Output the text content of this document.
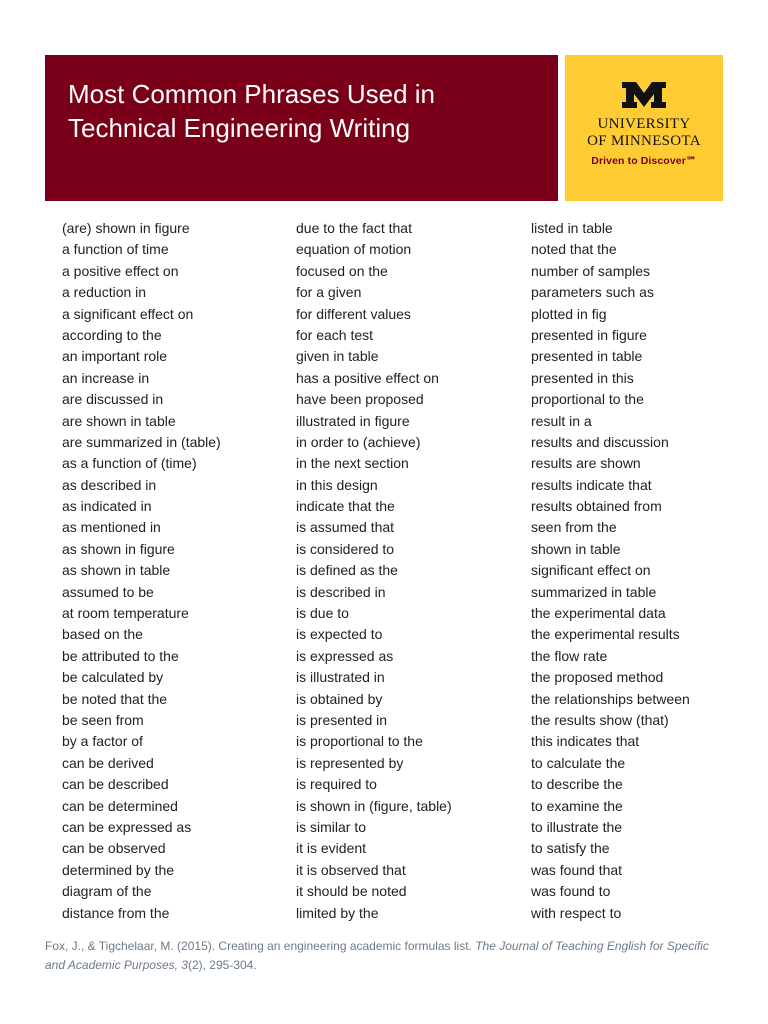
Most Common Phrases Used in
Technical Engineering Writing	UNIVERSITY
OF MINNESOTA
Driven to Discover℠
(are) shown in figure
a function of time
a positive effect on
a reduction in
a significant effect on
according to the
an important role
an increase in
are discussed in
are shown in table
are summarized in (table)
as a function of (time)
as described in
as indicated in
as mentioned in
as shown in figure
as shown in table
assumed to be
at room temperature
based on the
be attributed to the
be calculated by
be noted that the
be seen from
by a factor of
can be derived
can be described
can be determined
can be expressed as
can be observed
determined by the
diagram of the
distance from the
due to the fact that
equation of motion
focused on the
for a given
for different values
for each test
given in table
has a positive effect on
have been proposed
illustrated in figure
in order to (achieve)
in the next section
in this design
indicate that the
is assumed that
is considered to
is defined as the
is described in
is due to
is expected to
is expressed as
is illustrated in
is obtained by
is presented in
is proportional to the
is represented by
is required to
is shown in (figure, table)
is similar to
it is evident
it is observed that
it should be noted
limited by the
listed in table
noted that the
number of samples
parameters such as
plotted in fig
presented in figure
presented in table
presented in this
proportional to the
result in a
results and discussion
results are shown
results indicate that
results obtained from
seen from the
shown in table
significant effect on
summarized in table
the experimental data
the experimental results
the flow rate
the proposed method
the relationships between
the results show (that)
this indicates that
to calculate the
to describe the
to examine the
to illustrate the
to satisfy the
was found that
was found to
with respect to
Fox, J., & Tigchelaar, M. (2015). Creating an engineering academic formulas list. The Journal of Teaching English for Specific and Academic Purposes, 3(2), 295-304.
